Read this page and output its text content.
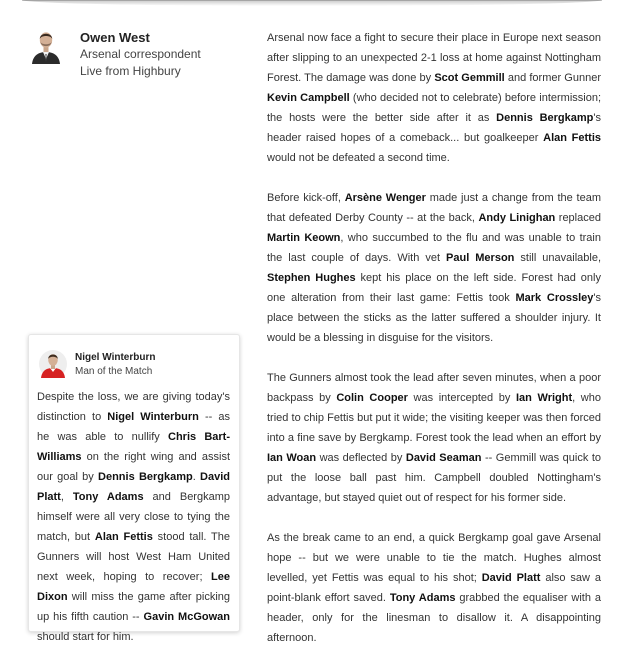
Owen West
Arsenal correspondent
Live from Highbury
Nigel Winterburn
Man of the Match
Despite the loss, we are giving today's distinction to Nigel Winterburn -- as he was able to nullify Chris Bart-Williams on the right wing and assist our goal by Dennis Bergkamp. David Platt, Tony Adams and Bergkamp himself were all very close to tying the match, but Alan Fettis stood tall. The Gunners will host West Ham United next week, hoping to recover; Lee Dixon will miss the game after picking up his fifth caution -- Gavin McGowan should start for him.

Arsenal now face a fight to secure their place in Europe next season after slipping to an unexpected 2-1 loss at home against Nottingham Forest. The damage was done by Scot Gemmill and former Gunner Kevin Campbell (who decided not to celebrate) before intermission; the hosts were the better side after it as Dennis Bergkamp's header raised hopes of a comeback... but goalkeeper Alan Fettis would not be defeated a second time.

Before kick-off, Arsène Wenger made just a change from the team that defeated Derby County -- at the back, Andy Linighan replaced Martin Keown, who succumbed to the flu and was unable to train the last couple of days. With vet Paul Merson still unavailable, Stephen Hughes kept his place on the left side. Forest had only one alteration from their last game: Fettis took Mark Crossley's place between the sticks as the latter suffered a shoulder injury. It would be a blessing in disguise for the visitors.

The Gunners almost took the lead after seven minutes, when a poor backpass by Colin Cooper was intercepted by Ian Wright, who tried to chip Fettis but put it wide; the visiting keeper was then forced into a fine save by Bergkamp. Forest took the lead when an effort by Ian Woan was deflected by David Seaman -- Gemmill was quick to put the loose ball past him. Campbell doubled Nottingham's advantage, but stayed quiet out of respect for his former side.

As the break came to an end, a quick Bergkamp goal gave Arsenal hope -- but we were unable to tie the match. Hughes almost levelled, yet Fettis was equal to his shot; David Platt also saw a point-blank effort saved. Tony Adams grabbed the equaliser with a header, only for the linesman to disallow it. A disappointing afternoon.
